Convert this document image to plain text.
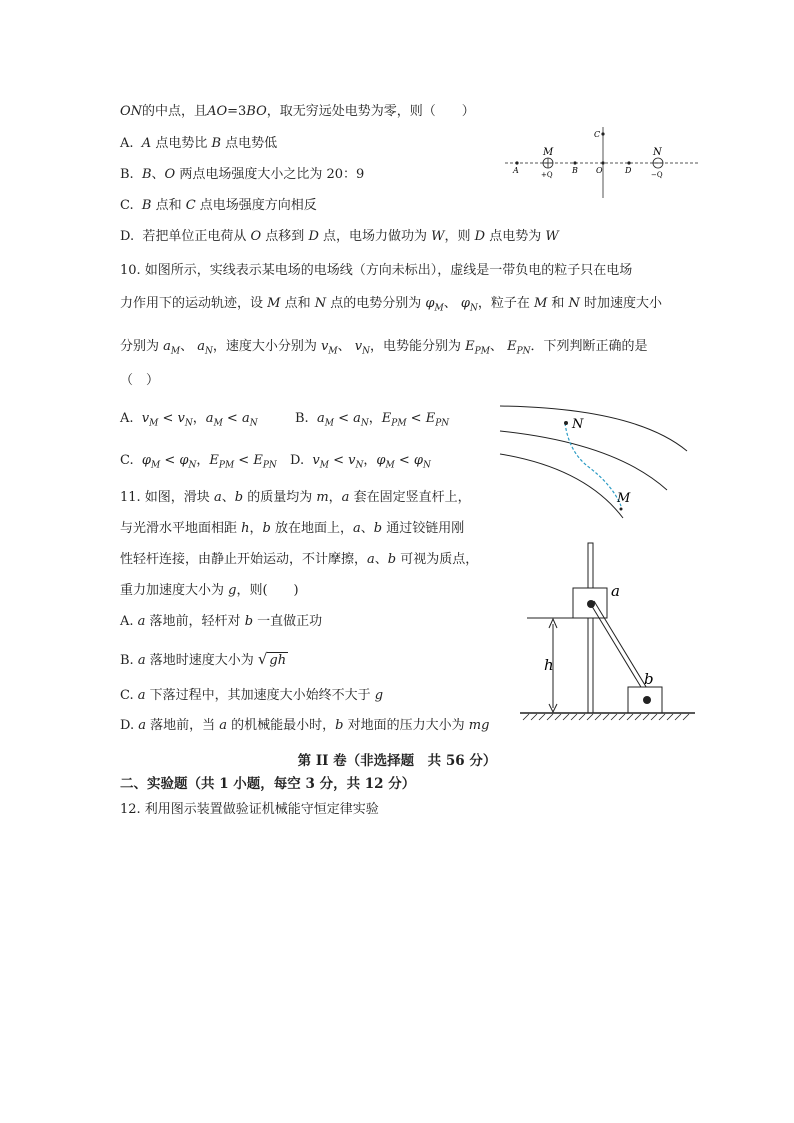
ON的中点，且AO=3BO，取无穷远处电势为零，则（　　）
A.  A 点电势比 B 点电势低
B.  B、O 两点电场强度大小之比为 20：9
C.  B 点和 C 点电场强度方向相反
D.  若把单位正电荷从 O 点移到 D 点，电场力做功为 W，则 D 点电势为 W
A
M
+Q B O	D
N
−Q
C
10. 如图所示，实线表示某电场的电场线（方向未标出），虚线是一带负电的粒子只在电场
力作用下的运动轨迹，设 M 点和 N 点的电势分别为 $\varphi_M$、 $\varphi_N$，粒子在 M 和 N 时加速度大小
分别为 $a_M$、 $a_N$，速度大小分别为 $v_M$、 $v_N$，电势能分别为 $E_{PM}$、 $E_{PN}$．下列判断正确的是
（　）
A.  $v_M < v_N$，$a_M < a_N$	B.  $a_M < a_N$，$E_{PM} < E_{PN}$
C.  $\varphi_M < \varphi_N$，$E_{PM} < E_{PN}$ D.  $v_M < v_N$，$\varphi_M < \varphi_N$
N
M
11. 如图，滑块 a、b 的质量均为 m，a 套在固定竖直杆上，
与光滑水平地面相距 h，b 放在地面上，a、b 通过铰链用刚
性轻杆连接，由静止开始运动，不计摩擦，a、b 可视为质点，
重力加速度大小为 g，则(　　)
A. a 落地前，轻杆对 b 一直做正功
B. a 落地时速度大小为 √ gh
C. a 下落过程中，其加速度大小始终不大于 g
D. a 落地前，当 a 的机械能最小时，b 对地面的压力大小为 mg
a
b
h
第 II 卷（非选择题　共 56 分）
二、实验题（共 1 小题，每空 3 分，共 12 分）
12. 利用图示装置做验证机械能守恒定律实验
